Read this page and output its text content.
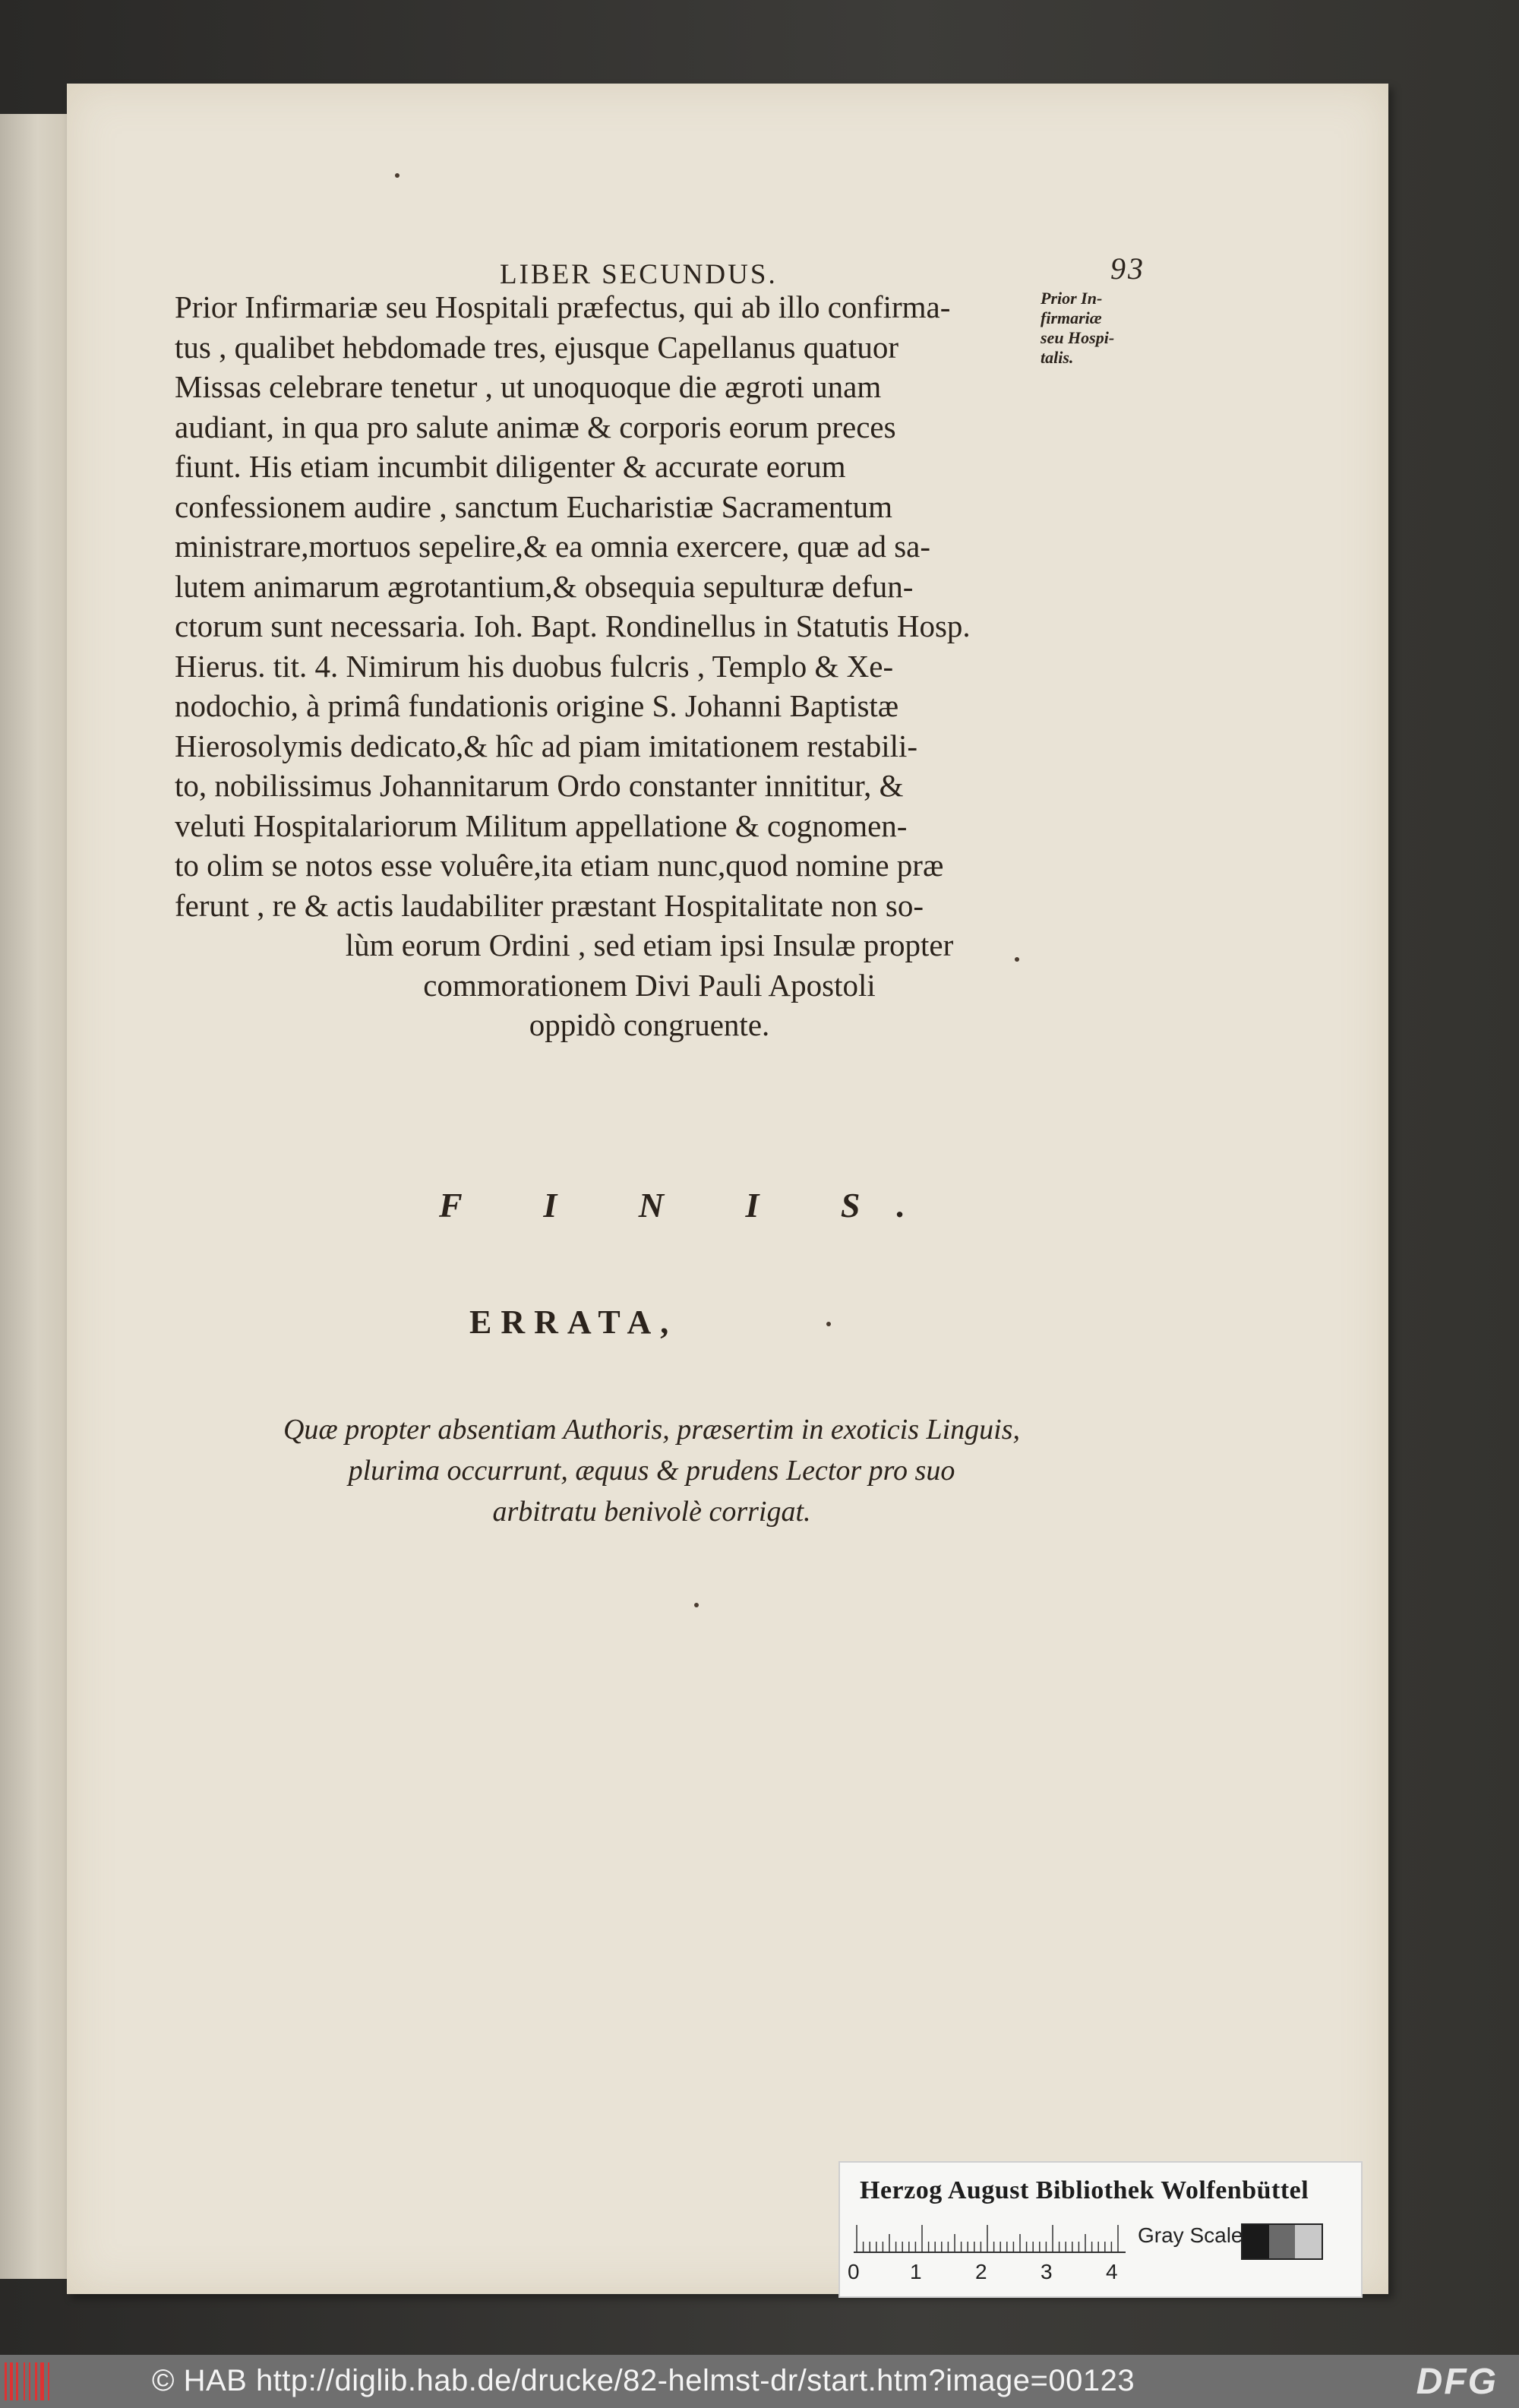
LIBER SECUNDUS.	93
Prior Infirmariæ seu Hospitali præfectus, qui ab illo confirma-
tus , qualibet hebdomade tres, ejusque Capellanus quatuor
Missas celebrare tenetur , ut unoquoque die ægroti unam
audiant, in qua pro salute animæ & corporis eorum preces
fiunt. His etiam incumbit diligenter & accurate eorum
confessionem audire , sanctum Eucharistiæ Sacramentum
ministrare,mortuos sepelire,& ea omnia exercere, quæ ad sa-
lutem animarum ægrotantium,& obsequia sepulturæ defun-
ctorum sunt necessaria. Ioh. Bapt. Rondinellus in Statutis Hosp.
Hierus. tit. 4. Nimirum his duobus fulcris , Templo & Xe-
nodochio, à primâ fundationis origine S. Johanni Baptistæ
Hierosolymis dedicato,& hîc ad piam imitationem restabili-
to, nobilissimus Johannitarum Ordo constanter innititur, &
veluti Hospitalariorum Militum appellatione & cognomen-
to olim se notos esse voluêre,ita etiam nunc,quod nomine præ
ferunt , re & actis laudabiliter præstant Hospitalitate non so-
lùm eorum Ordini , sed etiam ipsi Insulæ propter
commorationem Divi Pauli Apostoli
oppidò congruente.
Prior In-
firmariæ
seu Hospi-
talis.
F I N I S.
ERRATA,
Quæ propter absentiam Authoris, præsertim in exoticis Linguis,
plurima occurrunt, æquus & prudens Lector pro suo
arbitratu benivolè corrigat.
Herzog August Bibliothek Wolfenbüttel
0 1	2	3	4
Gray Scale
© HAB http://diglib.hab.de/drucke/82-helmst-dr/start.htm?image=00123	DFG
